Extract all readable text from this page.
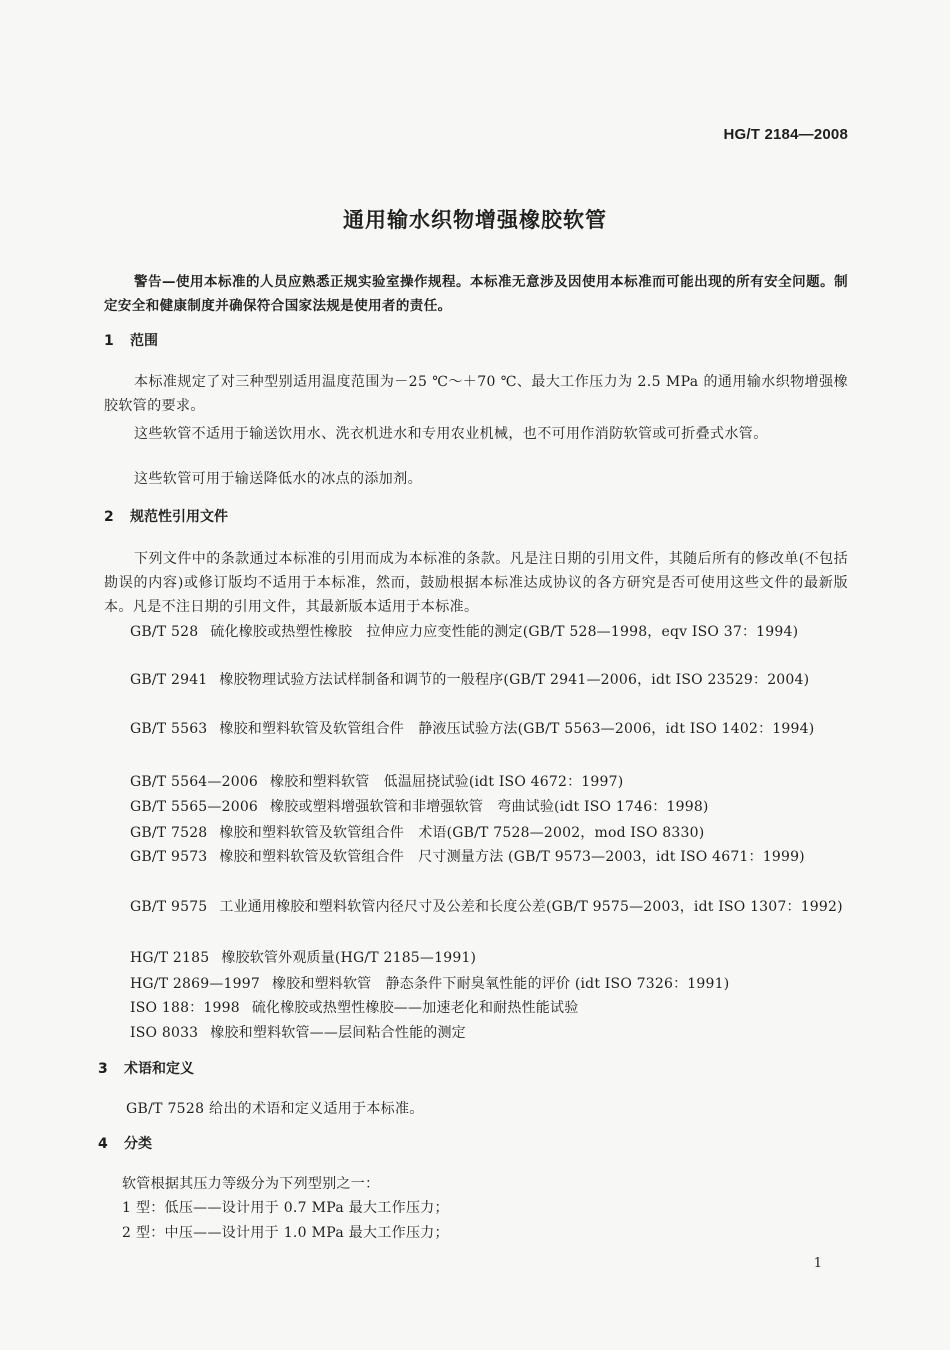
HG/T 2184—2008
通用输水织物增强橡胶软管
警告—使用本标准的人员应熟悉正规实验室操作规程。本标准无意涉及因使用本标准而可能出现的所有安全问题。制定安全和健康制度并确保符合国家法规是使用者的责任。
1 范围
本标准规定了对三种型别适用温度范围为－25 ℃～＋70 ℃、最大工作压力为 2.5 MPa 的通用输水织物增强橡胶软管的要求。
这些软管不适用于输送饮用水、洗衣机进水和专用农业机械，也不可用作消防软管或可折叠式水管。
这些软管可用于输送降低水的冰点的添加剂。
2 规范性引用文件
下列文件中的条款通过本标准的引用而成为本标准的条款。凡是注日期的引用文件，其随后所有的修改单(不包括勘误的内容)或修订版均不适用于本标准，然而，鼓励根据本标准达成协议的各方研究是否可使用这些文件的最新版本。凡是不注日期的引用文件，其最新版本适用于本标准。
GB/T 528 硫化橡胶或热塑性橡胶　拉伸应力应变性能的测定(GB/T 528—1998，eqv ISO 37：1994)
GB/T 2941 橡胶物理试验方法试样制备和调节的一般程序(GB/T 2941—2006，idt ISO 23529：2004)
GB/T 5563 橡胶和塑料软管及软管组合件　静液压试验方法(GB/T 5563—2006，idt ISO 1402：1994)
GB/T 5564—2006 橡胶和塑料软管　低温屈挠试验(idt ISO 4672：1997)
GB/T 5565—2006 橡胶或塑料增强软管和非增强软管　弯曲试验(idt ISO 1746：1998)
GB/T 7528 橡胶和塑料软管及软管组合件　术语(GB/T 7528—2002，mod ISO 8330)
GB/T 9573 橡胶和塑料软管及软管组合件　尺寸测量方法 (GB/T 9573—2003，idt ISO 4671：1999)
GB/T 9575 工业通用橡胶和塑料软管内径尺寸及公差和长度公差(GB/T 9575—2003，idt ISO 1307：1992)
HG/T 2185 橡胶软管外观质量(HG/T 2185—1991)
HG/T 2869—1997 橡胶和塑料软管　静态条件下耐臭氧性能的评价 (idt ISO 7326：1991)
ISO 188：1998 硫化橡胶或热塑性橡胶——加速老化和耐热性能试验
ISO 8033 橡胶和塑料软管——层间粘合性能的测定
3 术语和定义
GB/T 7528 给出的术语和定义适用于本标准。
4 分类
软管根据其压力等级分为下列型别之一：
1 型：低压——设计用于 0.7 MPa 最大工作压力；
2 型：中压——设计用于 1.0 MPa 最大工作压力；
1
